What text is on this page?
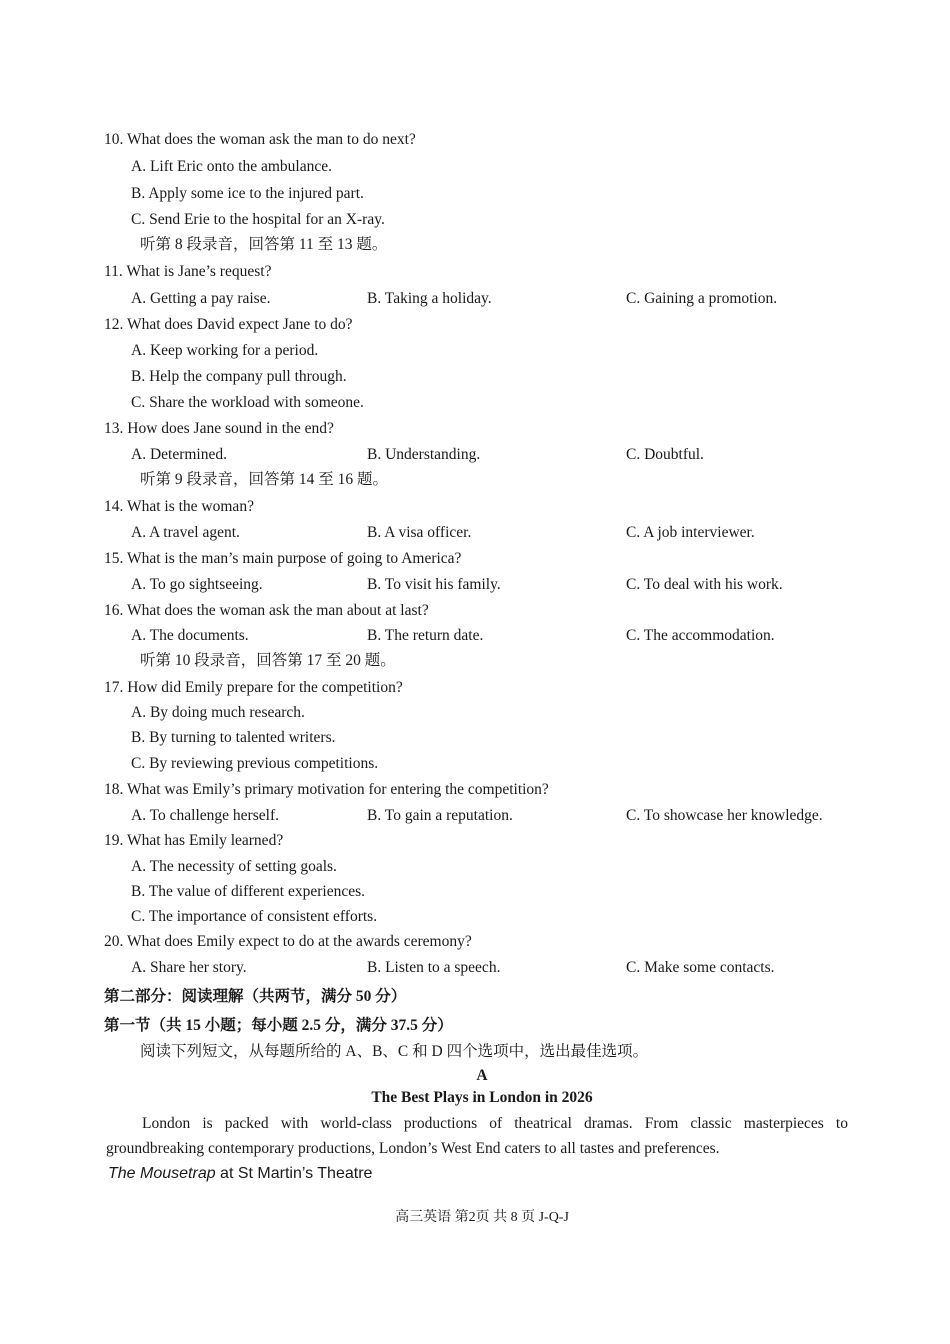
10. What does the woman ask the man to do next?
A. Lift Eric onto the ambulance.
B. Apply some ice to the injured part.
C. Send Erie to the hospital for an X-ray.
听第 8 段录音，回答第 11 至 13 题。
11. What is Jane’s request?
A. Getting a pay raise.	B. Taking a holiday.	C. Gaining a promotion.
12. What does David expect Jane to do?
A. Keep working for a period.
B. Help the company pull through.
C. Share the workload with someone.
13. How does Jane sound in the end?
A. Determined.	B. Understanding.	C. Doubtful.
听第 9 段录音，回答第 14 至 16 题。
14. What is the woman?
A. A travel agent.	B. A visa officer.	C. A job interviewer.
15. What is the man’s main purpose of going to America?
A. To go sightseeing.	B. To visit his family.	C. To deal with his work.
16. What does the woman ask the man about at last?
A. The documents.	B. The return date.	C. The accommodation.
听第 10 段录音，回答第 17 至 20 题。
17. How did Emily prepare for the competition?
A. By doing much research.
B. By turning to talented writers.
C. By reviewing previous competitions.
18. What was Emily’s primary motivation for entering the competition?
A. To challenge herself.	B. To gain a reputation.	C. To showcase her knowledge.
19. What has Emily learned?
A. The necessity of setting goals.
B. The value of different experiences.
C. The importance of consistent efforts.
20. What does Emily expect to do at the awards ceremony?
A. Share her story.	B. Listen to a speech.	C. Make some contacts.
第二部分：阅读理解（共两节，满分 50 分）
第一节（共 15 小题；每小题 2.5 分，满分 37.5 分）
阅读下列短文，从每题所给的 A、B、C 和 D 四个选项中，选出最佳选项。
A
The Best Plays in London in 2026
London is packed with world-class productions of theatrical dramas. From classic masterpieces to
groundbreaking contemporary productions, London’s West End caters to all tastes and preferences.
The Mousetrap at St Martin’s Theatre
高三英语 第2页 共 8 页 J-Q-J
